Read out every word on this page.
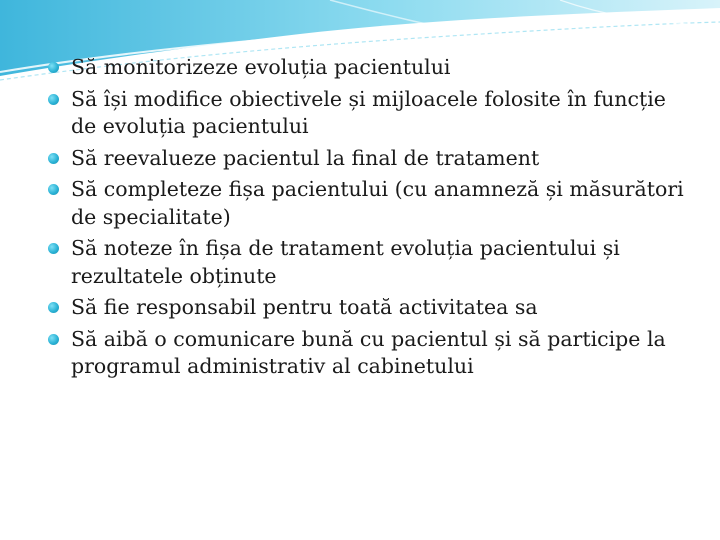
Să monitorizeze evoluția pacientului
Să își modifice obiectivele și mijloacele folosite în funcție de evoluția pacientului
Să reevalueze pacientul la final de tratament
Să completeze fișa pacientului (cu anamneză și măsurători de specialitate)
Să noteze în fișa de tratament evoluția pacientului și rezultatele obținute
Să fie responsabil pentru toată activitatea sa
Să aibă o comunicare bună cu pacientul și să participe la programul administrativ al cabinetului
